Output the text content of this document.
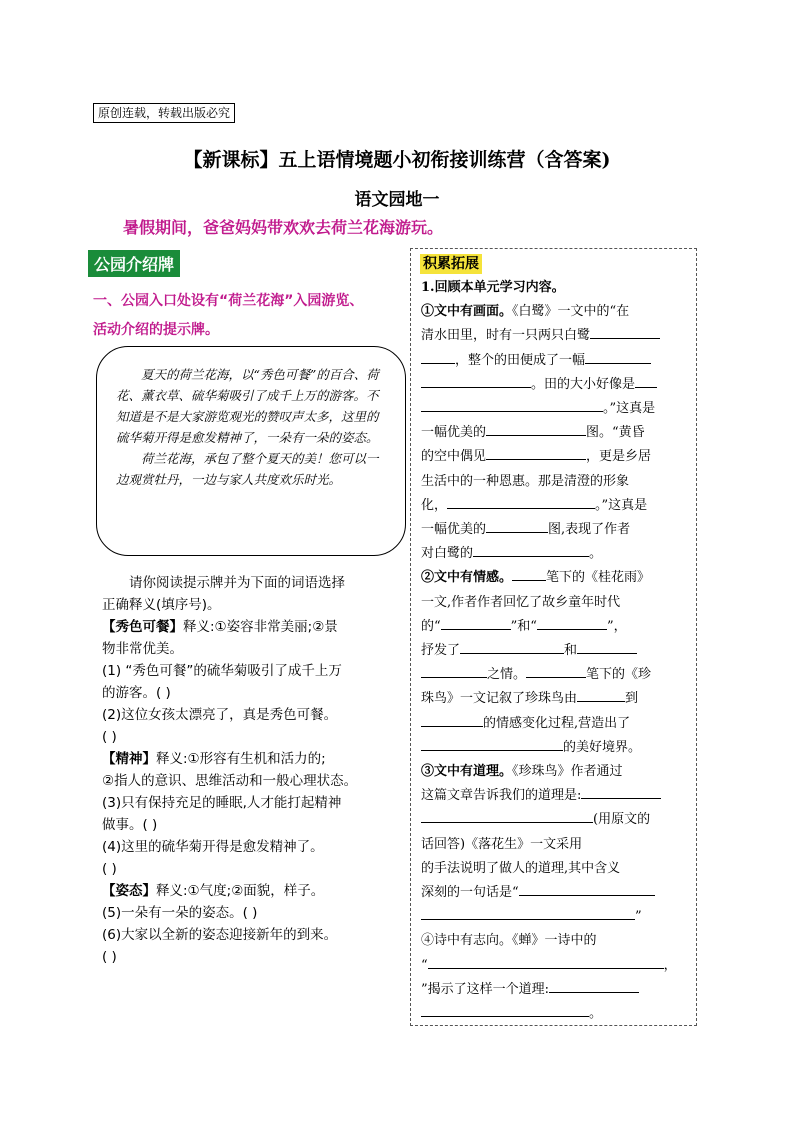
原创连载，转载出版必究
【新课标】五上语情境题小初衔接训练营（含答案)
语文园地一
暑假期间，爸爸妈妈带欢欢去荷兰花海游玩。
公园介绍牌
一、公园入口处设有“荷兰花海”入园游览、
活动介绍的提示牌。

夏天的荷兰花海，以“秀色可餐”的百合、荷花、薰衣草、硫华菊吸引了成千上万的游客。不知道是不是大家游览观光的赞叹声太多，这里的硫华菊开得是愈发精神了，一朵有一朵的姿态。

荷兰花海，承包了整个夏天的美！您可以一边观赏牡丹，一边与家人共度欢乐时光。

请你阅读提示牌并为下面的词语选择

正确释义(填序号)。

【秀色可餐】释义:①姿容非常美丽;②景

物非常优美。

(1) “秀色可餐”的硫华菊吸引了成千上万

的游客。( )

(2)这位女孩太漂亮了，真是秀色可餐。

( )

【精神】释义:①形容有生机和活力的;

②指人的意识、思维活动和一般心理状态。

(3)只有保持充足的睡眠,人才能打起精神

做事。( )

(4)这里的硫华菊开得是愈发精神了。

( )

【姿态】释义:①气度;②面貌，样子。

(5)一朵有一朵的姿态。( )

(6)大家以全新的姿态迎接新年的到来。

( )

积累拓展

1.回顾本单元学习内容。

①文中有画面。《白鹭》一文中的“在

清水田里，时有一只两只白鹭

，整个的田便成了一幅

。田的大小好像是

。”这真是

一幅优美的	图。“黄昏

的空中偶见	，更是乡居

生活中的一种恩惠。那是清澄的形象

化，	。”这真是

一幅优美的	图,表现了作者

对白鹭的	。

②文中有情感。	笔下的《桂花雨》

一文,作者作者回忆了故乡童年时代

的“	”和“	”，

抒发了	和

之情。	笔下的《珍

珠鸟》一文记叙了珍珠鸟由	到

的情感变化过程,营造出了

的美好境界。

③文中有道理。《珍珠鸟》作者通过

这篇文章告诉我们的道理是:

(用原文的

话回答)《落花生》一文采用

的手法说明了做人的道理,其中含义

深刻的一句话是“

”

④诗中有志向。《蝉》一诗中的

“	，

”揭示了这样一个道理:

。
